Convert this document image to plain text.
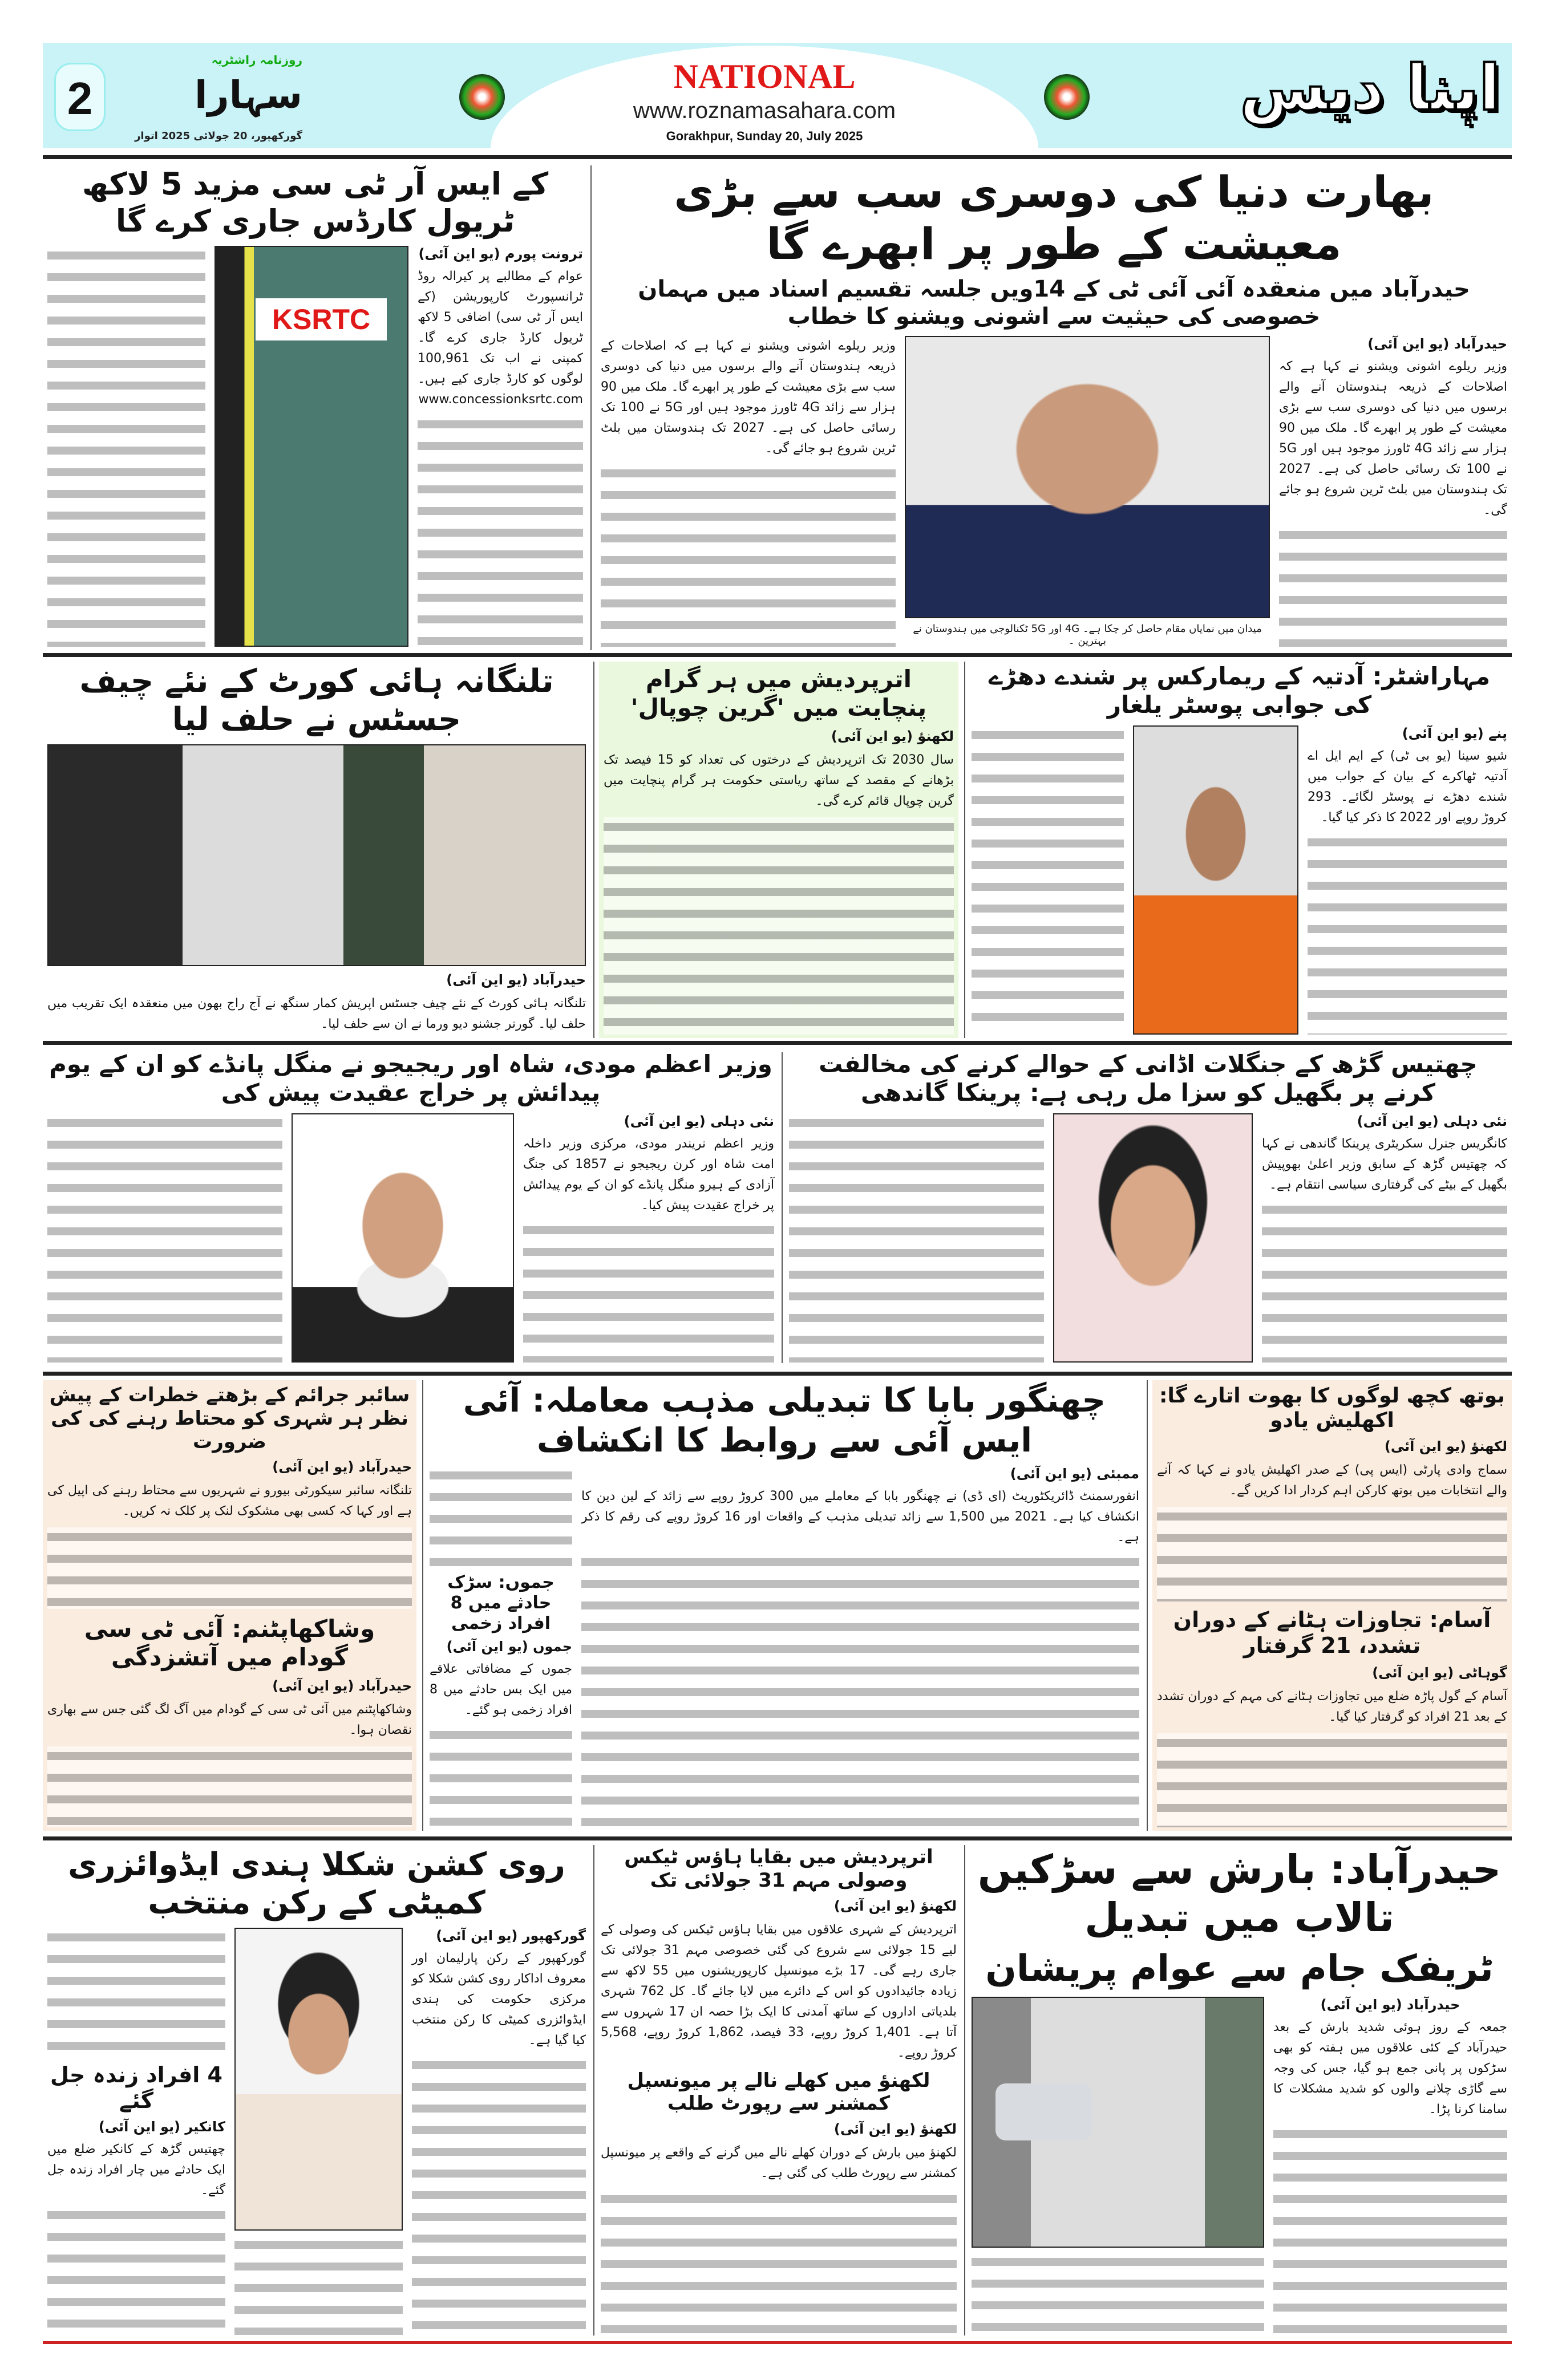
2
روزنامہ راشٹریہ
سہارا
گورکھپور، 20 جولائی 2025 اتوار
NATIONAL
www.roznamasahara.com
Gorakhpur, Sunday 20, July 2025
اپنا دیس
کے ایس آر ٹی سی مزید 5 لاکھ ٹریول کارڈس جاری کرے گا
ترونت پورم (یو این آئی)
عوام کے مطالبے پر کیرالہ روڈ ٹرانسپورٹ کارپوریشن (کے ایس آر ٹی سی) اضافی 5 لاکھ ٹریول کارڈ جاری کرے گا۔ کمپنی نے اب تک 100,961 لوگوں کو کارڈ جاری کیے ہیں۔ www.concessionksrtc.com
KSRTC
بھارت دنیا کی دوسری سب سے بڑی معیشت کے طور پر ابھرے گا
حیدرآباد میں منعقدہ آئی آئی ٹی کے 14ویں جلسہ تقسیم اسناد میں مہمان خصوصی کی حیثیت سے اشونی ویشنو کا خطاب
حیدرآباد (یو این آئی)
وزیر ریلوے اشونی ویشنو نے کہا ہے کہ اصلاحات کے ذریعہ ہندوستان آنے والے برسوں میں دنیا کی دوسری سب سے بڑی معیشت کے طور پر ابھرے گا۔ ملک میں 90 ہزار سے زائد 4G ٹاورز موجود ہیں اور 5G نے 100 تک رسائی حاصل کی ہے۔ 2027 تک ہندوستان میں بلٹ ٹرین شروع ہو جائے گی۔
میدان میں نمایاں مقام حاصل کر چکا ہے۔ 4G اور 5G ٹکنالوجی میں ہندوستان نے بہترین ۔
وزیر ریلوے اشونی ویشنو نے کہا ہے کہ اصلاحات کے ذریعہ ہندوستان آنے والے برسوں میں دنیا کی دوسری سب سے بڑی معیشت کے طور پر ابھرے گا۔ ملک میں 90 ہزار سے زائد 4G ٹاورز موجود ہیں اور 5G نے 100 تک رسائی حاصل کی ہے۔ 2027 تک ہندوستان میں بلٹ ٹرین شروع ہو جائے گی۔
تلنگانہ ہائی کورٹ کے نئے چیف جسٹس نے حلف لیا
حیدرآباد (یو این آئی)
تلنگانہ ہائی کورٹ کے نئے چیف جسٹس اپریش کمار سنگھ نے آج راج بھون میں منعقدہ ایک تقریب میں حلف لیا۔ گورنر جشنو دیو ورما نے ان سے حلف لیا۔
اترپردیش میں ہر گرام پنچایت میں 'گرین چوپال'
لکھنؤ (یو این آئی)
سال 2030 تک اترپردیش کے درختوں کی تعداد کو 15 فیصد تک بڑھانے کے مقصد کے ساتھ ریاستی حکومت ہر گرام پنچایت میں گرین چوپال قائم کرے گی۔
مہاراشٹر: آدتیہ کے ریمارکس پر شندے دھڑے کی جوابی پوسٹر یلغار
پنے (یو این آئی)
شیو سینا (یو بی ٹی) کے ایم ایل اے آدتیہ ٹھاکرے کے بیان کے جواب میں شندے دھڑے نے پوسٹر لگائے۔ 293 کروڑ روپے اور 2022 کا ذکر کیا گیا۔
چھتیس گڑھ کے جنگلات اڈانی کے حوالے کرنے کی مخالفت کرنے پر بگھیل کو سزا مل رہی ہے: پرینکا گاندھی
نئی دہلی (یو این آئی)
کانگریس جنرل سکریٹری پرینکا گاندھی نے کہا کہ چھتیس گڑھ کے سابق وزیر اعلیٰ بھوپیش بگھیل کے بیٹے کی گرفتاری سیاسی انتقام ہے۔
وزیر اعظم مودی، شاہ اور ریجیجو نے منگل پانڈے کو ان کے یوم پیدائش پر خراج عقیدت پیش کی
نئی دہلی (یو این آئی)
وزیر اعظم نریندر مودی، مرکزی وزیر داخلہ امت شاہ اور کرن ریجیجو نے 1857 کی جنگ آزادی کے ہیرو منگل پانڈے کو ان کے یوم پیدائش پر خراج عقیدت پیش کیا۔
سائبر جرائم کے بڑھتے خطرات کے پیش نظر ہر شہری کو محتاط رہنے کی کی ضرورت
حیدرآباد (یو این آئی)
تلنگانہ سائبر سیکورٹی بیورو نے شہریوں سے محتاط رہنے کی اپیل کی ہے اور کہا کہ کسی بھی مشکوک لنک پر کلک نہ کریں۔
وشاکھاپٹنم: آئی ٹی سی گودام میں آتشزدگی
حیدرآباد (یو این آئی)
وشاکھاپٹنم میں آئی ٹی سی کے گودام میں آگ لگ گئی جس سے بھاری نقصان ہوا۔
چھنگور بابا کا تبدیلی مذہب معاملہ: آئی ایس آئی سے روابط کا انکشاف
ممبئی (یو این آئی)
انفورسمنٹ ڈائریکٹوریٹ (ای ڈی) نے چھنگور بابا کے معاملے میں 300 کروڑ روپے سے زائد کے لین دین کا انکشاف کیا ہے۔ 2021 میں 1,500 سے زائد تبدیلی مذہب کے واقعات اور 16 کروڑ روپے کی رقم کا ذکر ہے۔
جموں: سڑک حادثے میں 8 افراد زخمی
جموں (یو این آئی)
جموں کے مضافاتی علاقے میں ایک بس حادثے میں 8 افراد زخمی ہو گئے۔
بوتھ کچھ لوگوں کا بھوت اتارے گا: اکھلیش یادو
لکھنؤ (یو این آئی)
سماج وادی پارٹی (ایس پی) کے صدر اکھلیش یادو نے کہا کہ آنے والے انتخابات میں بوتھ کارکن اہم کردار ادا کریں گے۔
آسام: تجاوزات ہٹانے کے دوران تشدد، 21 گرفتار
گوہاٹی (یو این آئی)
آسام کے گول پاڑہ ضلع میں تجاوزات ہٹانے کی مہم کے دوران تشدد کے بعد 21 افراد کو گرفتار کیا گیا۔
روی کشن شکلا ہندی ایڈوائزری کمیٹی کے رکن منتخب
گورکھپور (یو این آئی)
گورکھپور کے رکن پارلیمان اور معروف اداکار روی کشن شکلا کو مرکزی حکومت کی ہندی ایڈوائزری کمیٹی کا رکن منتخب کیا گیا ہے۔
4 افراد زندہ جل گئے
کانکیر (یو این آئی)
چھتیس گڑھ کے کانکیر ضلع میں ایک حادثے میں چار افراد زندہ جل گئے۔
اترپردیش میں بقایا ہاؤس ٹیکس وصولی مہم 31 جولائی تک
لکھنؤ (یو این آئی)
اترپردیش کے شہری علاقوں میں بقایا ہاؤس ٹیکس کی وصولی کے لیے 15 جولائی سے شروع کی گئی خصوصی مہم 31 جولائی تک جاری رہے گی۔ 17 بڑے میونسپل کارپوریشنوں میں 55 لاکھ سے زیادہ جائیدادوں کو اس کے دائرے میں لایا جائے گا۔ کل 762 شہری بلدیاتی اداروں کے ساتھ آمدنی کا ایک بڑا حصہ ان 17 شہروں سے آتا ہے۔ 1,401 کروڑ روپے، 33 فیصد، 1,862 کروڑ روپے، 5,568 کروڑ روپے۔
لکھنؤ میں کھلے نالے پر میونسپل کمشنر سے رپورٹ طلب
لکھنؤ (یو این آئی)
لکھنؤ میں بارش کے دوران کھلے نالے میں گرنے کے واقعے پر میونسپل کمشنر سے رپورٹ طلب کی گئی ہے۔
حیدرآباد: بارش سے سڑکیں تالاب میں تبدیل
ٹریفک جام سے عوام پریشان
حیدرآباد (یو این آئی)
جمعہ کے روز ہوئی شدید بارش کے بعد حیدرآباد کے کئی علاقوں میں ہفتہ کو بھی سڑکوں پر پانی جمع ہو گیا، جس کی وجہ سے گاڑی چلانے والوں کو شدید مشکلات کا سامنا کرنا پڑا۔
